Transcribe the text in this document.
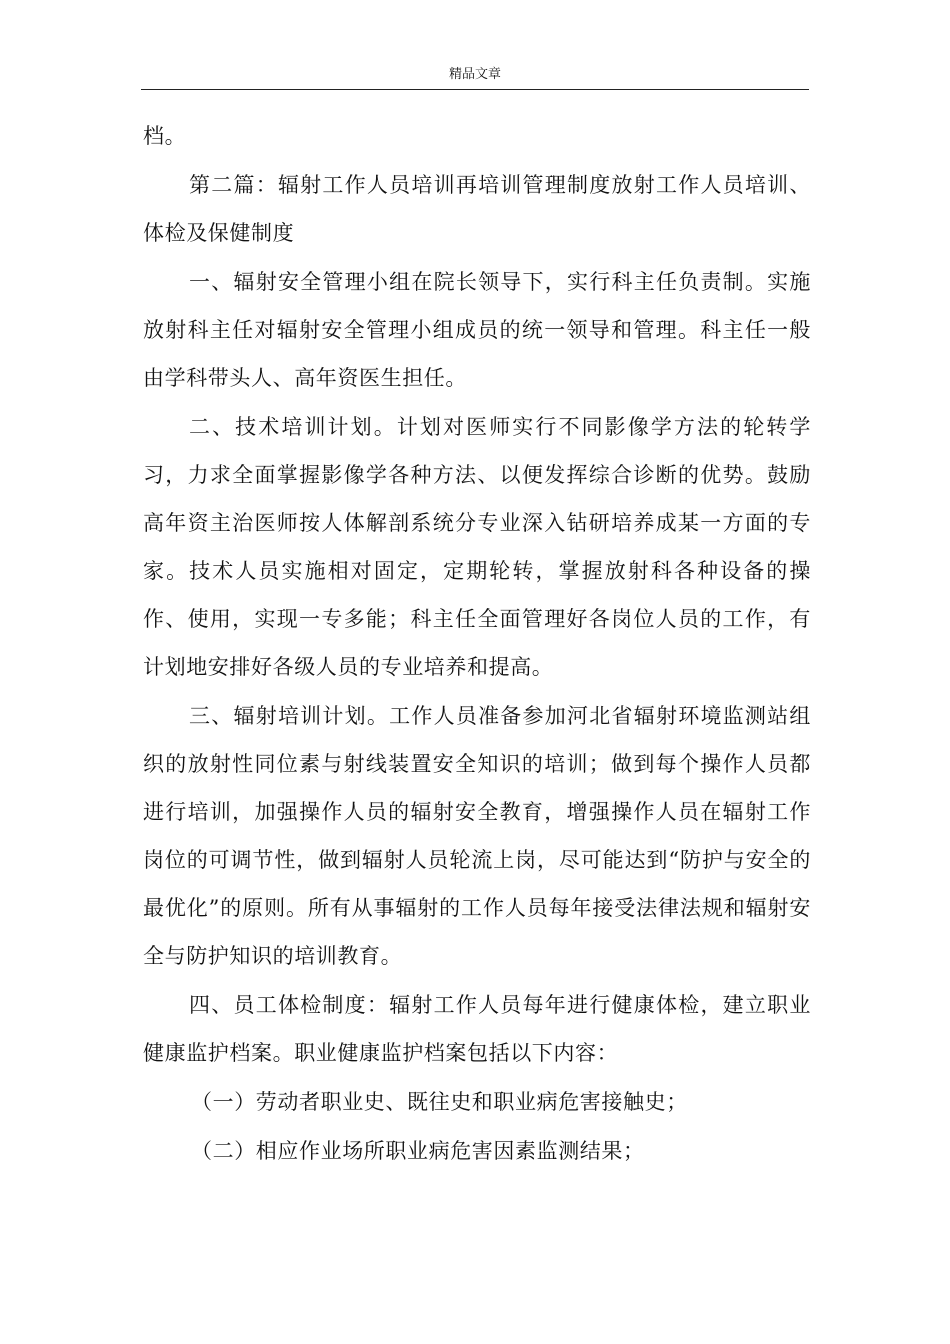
精品文章

档。

第二篇：辐射工作人员培训再培训管理制度放射工作人员培训、体检及保健制度

一、辐射安全管理小组在院长领导下，实行科主任负责制。实施放射科主任对辐射安全管理小组成员的统一领导和管理。科主任一般由学科带头人、高年资医生担任。

二、技术培训计划。计划对医师实行不同影像学方法的轮转学习，力求全面掌握影像学各种方法、以便发挥综合诊断的优势。鼓励高年资主治医师按人体解剖系统分专业深入钻研培养成某一方面的专家。技术人员实施相对固定，定期轮转，掌握放射科各种设备的操作、使用，实现一专多能；科主任全面管理好各岗位人员的工作，有计划地安排好各级人员的专业培养和提高。

三、辐射培训计划。工作人员准备参加河北省辐射环境监测站组织的放射性同位素与射线装置安全知识的培训；做到每个操作人员都进行培训，加强操作人员的辐射安全教育，增强操作人员在辐射工作岗位的可调节性，做到辐射人员轮流上岗，尽可能达到“防护与安全的最优化”的原则。所有从事辐射的工作人员每年接受法律法规和辐射安全与防护知识的培训教育。

四、员工体检制度：辐射工作人员每年进行健康体检，建立职业健康监护档案。职业健康监护档案包括以下内容：

（一）劳动者职业史、既往史和职业病危害接触史；

（二）相应作业场所职业病危害因素监测结果；
